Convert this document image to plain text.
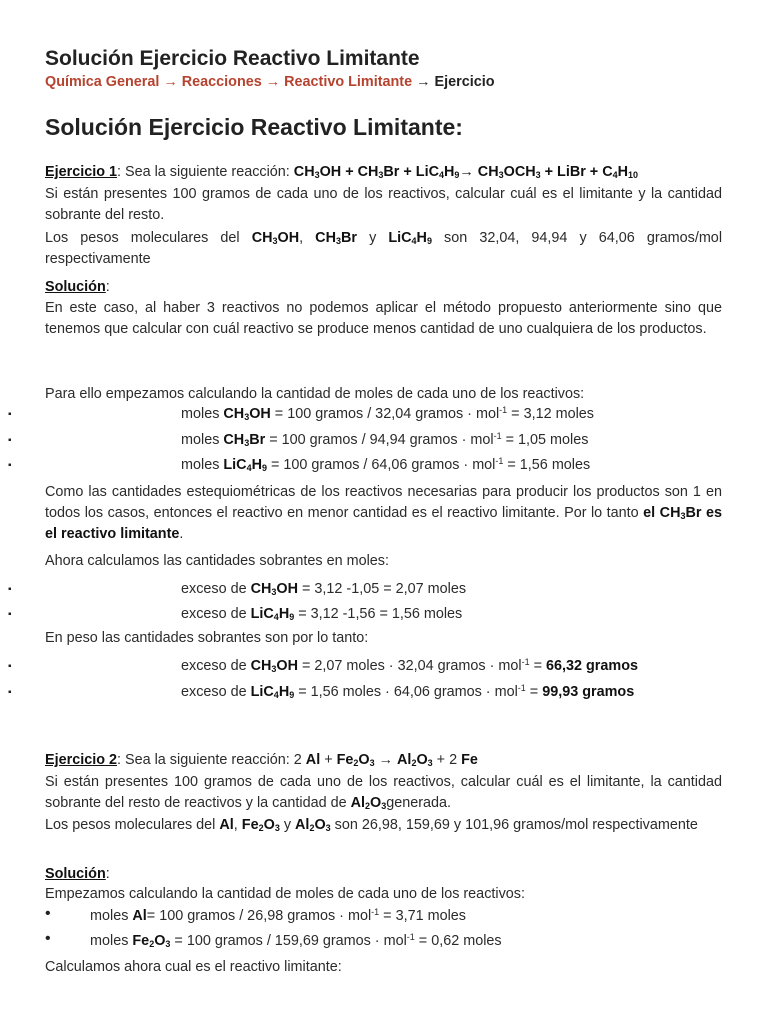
Solución Ejercicio Reactivo Limitante
Química General → Reacciones → Reactivo Limitante → Ejercicio
Solución Ejercicio Reactivo Limitante:
Ejercicio 1: Sea la siguiente reacción: $CH_3OH + CH_3Br + LiC_4H_9\to CH_3OCH_3$ + LiBr + $C_4H_{10}$
Si están presentes 100 gramos de cada uno de los reactivos, calcular cuál es el limitante y la cantidad sobrante del resto.
Los pesos moleculares del $CH_3OH$, $CH_3Br$ y $LiC_4H_9$ son 32,04, 94,94 y 64,06 gramos/mol respectivamente
Solución:
En este caso, al haber 3 reactivos no podemos aplicar el método propuesto anteriormente sino que tenemos que calcular con cuál reactivo se produce menos cantidad de uno cualquiera de los productos.
Para ello empezamos calculando la cantidad de moles de cada uno de los reactivos:
▪	moles $CH_3OH = 100$ gramos / 32,04 gramos · mol$^{-1}$ = 3,12 moles
▪	moles $CH_3Br = 100$ gramos / 94,94 gramos · mol$^{-1}$ = 1,05 moles
▪	moles $LiC_4H_9 = 100$ gramos / 64,06 gramos · mol$^{-1}$ = 1,56 moles
Como las cantidades estequiométricas de los reactivos necesarias para producir los productos son 1 en todos los casos, entonces el reactivo en menor cantidad es el reactivo limitante. Por lo tanto el $CH_3Br$ es el reactivo limitante.
Ahora calculamos las cantidades sobrantes en moles:
▪	exceso de $CH_3OH = 3,12$ -1,05 = 2,07 moles
▪	exceso de $LiC_4H_9 = 3,12$ -1,56 = 1,56 moles
En peso las cantidades sobrantes son por lo tanto:
▪	exceso de $CH_3OH = 2,07$ moles · 32,04 gramos · mol$^{-1}$ = 66,32 gramos
▪	exceso de $LiC_4H_9 = 1,56$ moles · 64,06 gramos · mol$^{-1}$ = 99,93 gramos
Ejercicio 2: Sea la siguiente reacción: 2 $Al + Fe_2O_3 \to Al_2O_3 + 2$ Fe
Si están presentes 100 gramos de cada uno de los reactivos, calcular cuál es el limitante, la cantidad sobrante del resto de reactivos y la cantidad de $Al_2O_3generada$.
Los pesos moleculares del Al, $Fe_2O_3$ y $Al_2O_3$ son 26,98, 159,69 y 101,96 gramos/mol respectivamente
Solución:
Empezamos calculando la cantidad de moles de cada uno de los reactivos:
•	moles Al= 100 gramos / 26,98 gramos · mol$^{-1}$ = 3,71 moles
•	moles $Fe_2O_3 = 100$ gramos / 159,69 gramos · mol$^{-1}$ = 0,62 moles
Calculamos ahora cual es el reactivo limitante:
